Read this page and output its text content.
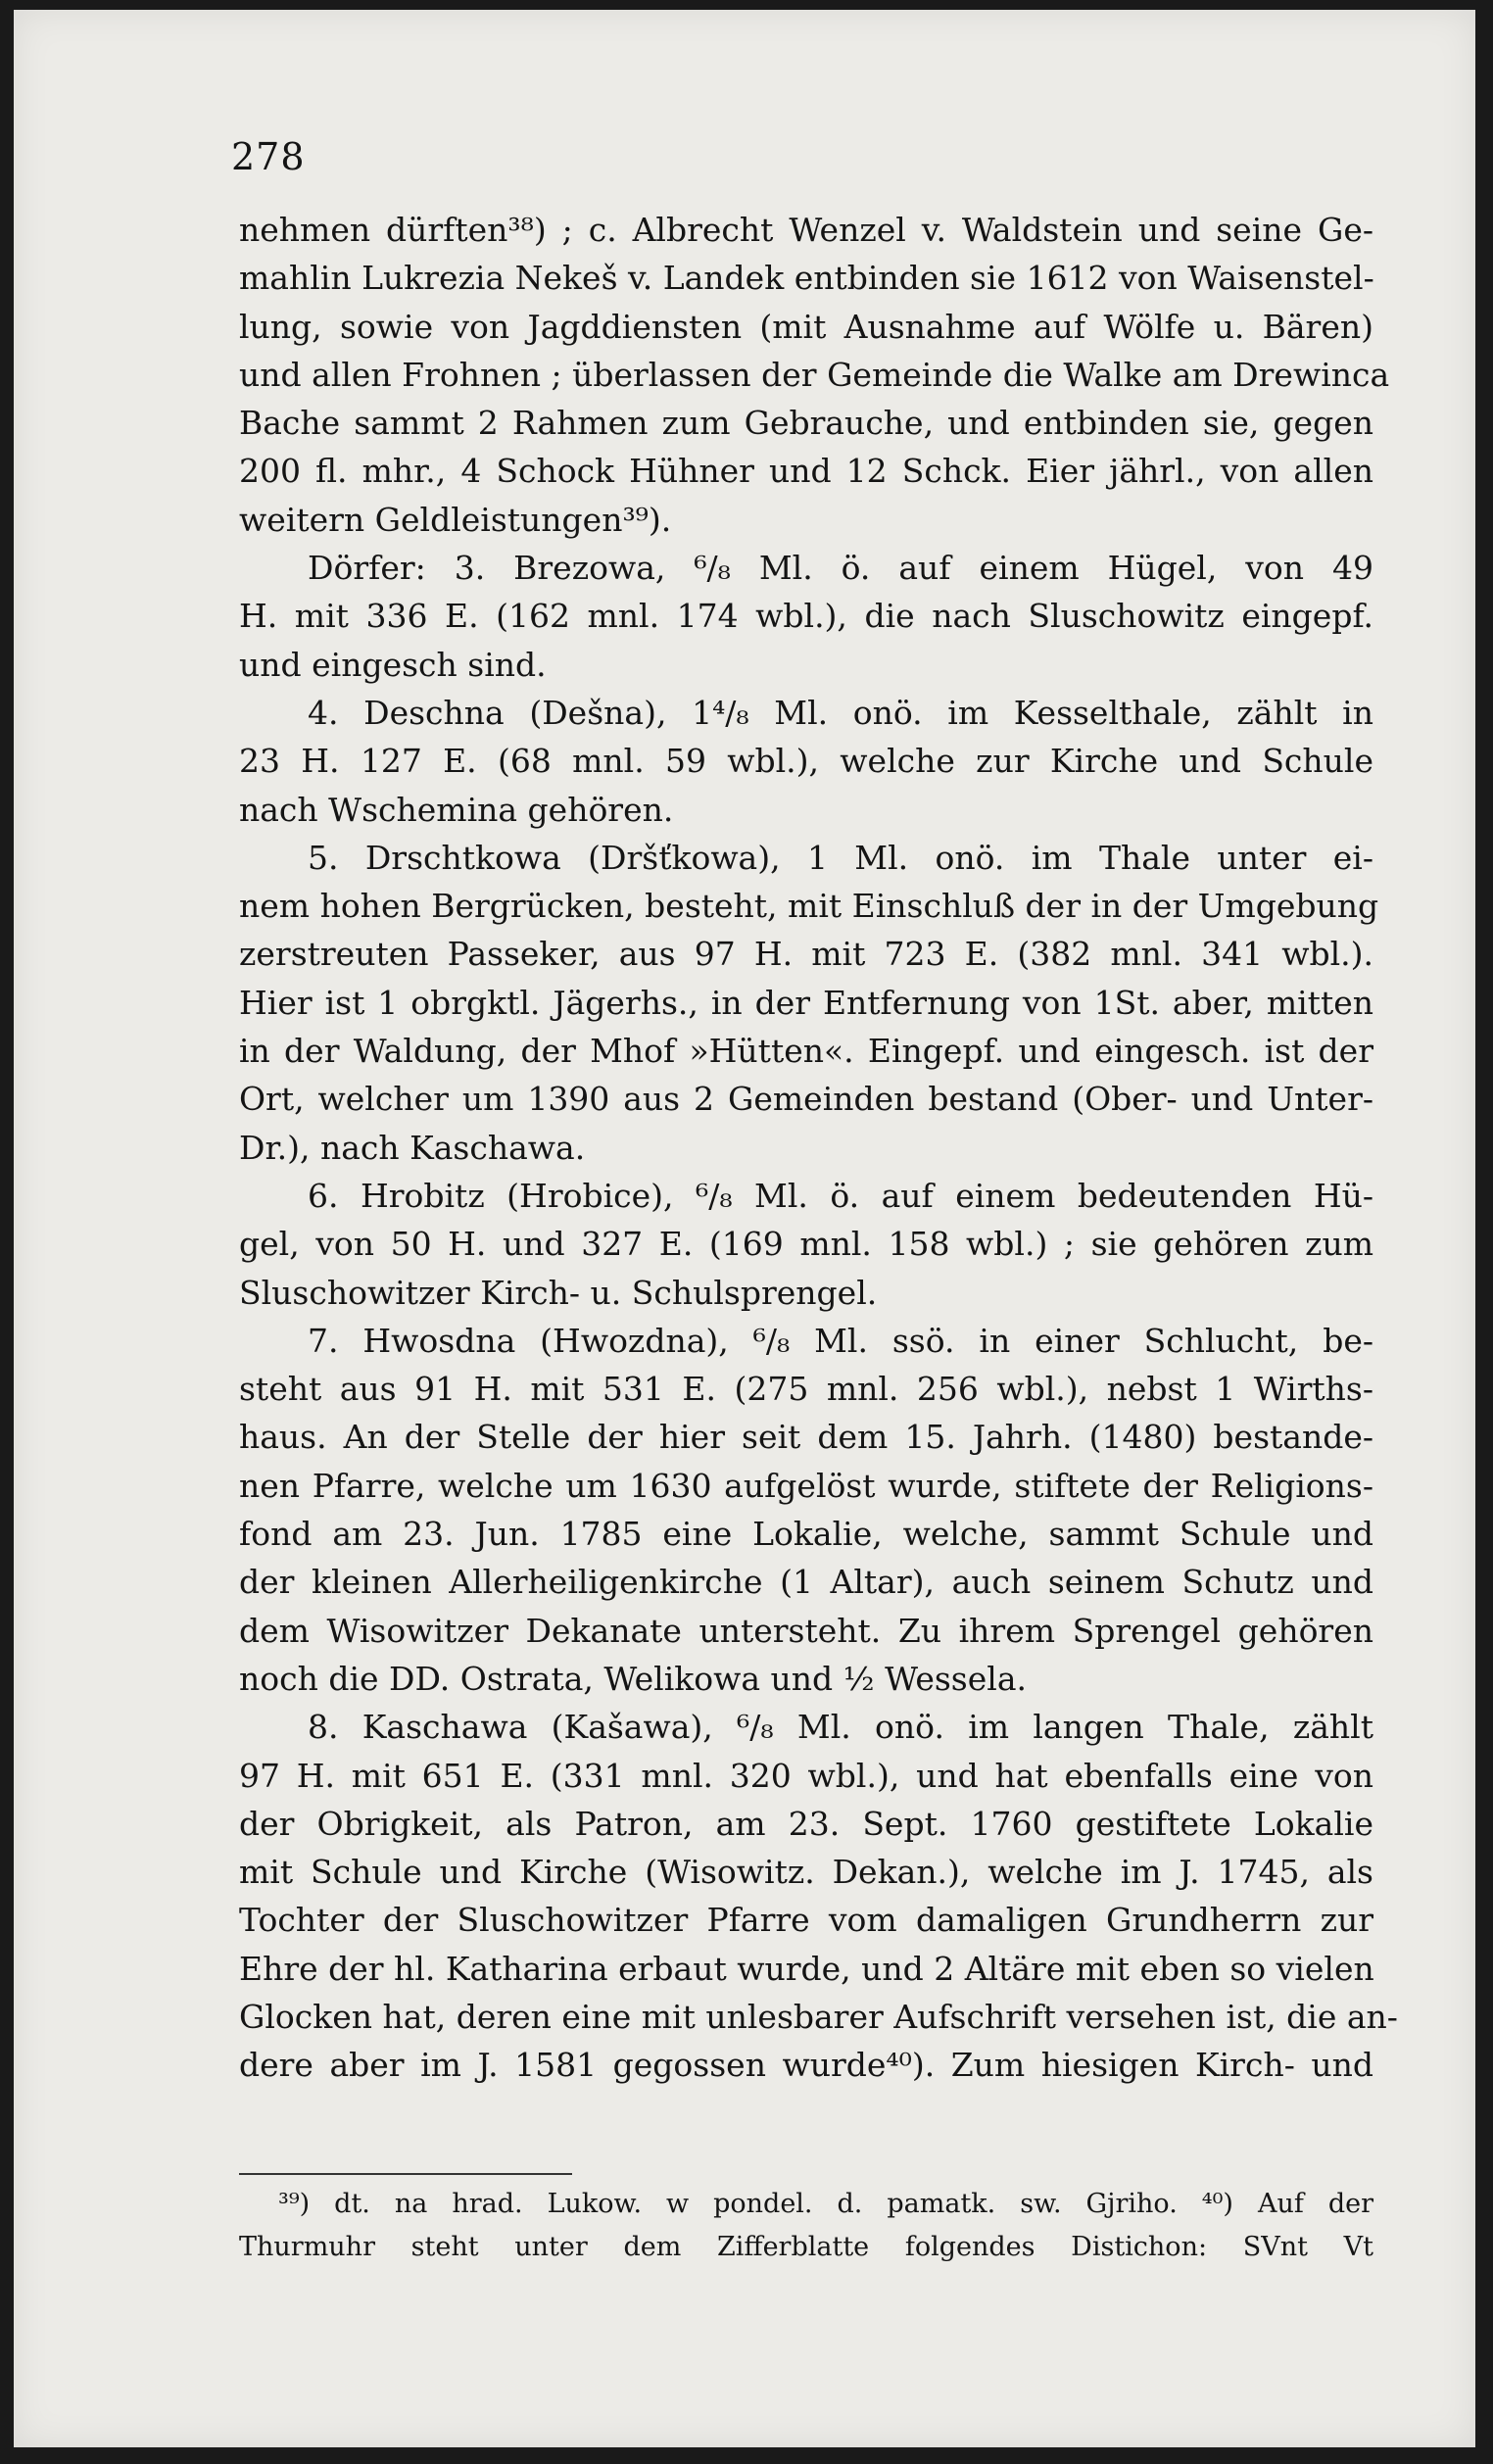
278
nehmen dürften³⁸) ; c. Albrecht Wenzel v. Waldstein und seine Ge-
mahlin Lukrezia Nekeš v. Landek entbinden sie 1612 von Waisenstel-
lung, sowie von Jagddiensten (mit Ausnahme auf Wölfe u. Bären)
und allen Frohnen ; überlassen der Gemeinde die Walke am Drewinca
Bache sammt 2 Rahmen zum Gebrauche, und entbinden sie, gegen
200 fl. mhr., 4 Schock Hühner und 12 Schck. Eier jährl., von allen
weitern Geldleistungen³⁹).
Dörfer: 3. Brezowa, ⁶/₈ Ml. ö. auf einem Hügel, von 49
H. mit 336 E. (162 mnl. 174 wbl.), die nach Sluschowitz eingepf.
und eingesch sind.
4. Deschna (Dešna), 1⁴/₈ Ml. onö. im Kesselthale, zählt in
23 H. 127 E. (68 mnl. 59 wbl.), welche zur Kirche und Schule
nach Wschemina gehören.
5. Drschtkowa (Dršťkowa), 1 Ml. onö. im Thale unter ei-
nem hohen Bergrücken, besteht, mit Einschluß der in der Umgebung
zerstreuten Passeker, aus 97 H. mit 723 E. (382 mnl. 341 wbl.).
Hier ist 1 obrgktl. Jägerhs., in der Entfernung von 1St. aber, mitten
in der Waldung, der Mhof »Hütten«. Eingepf. und eingesch. ist der
Ort, welcher um 1390 aus 2 Gemeinden bestand (Ober- und Unter-
Dr.), nach Kaschawa.
6. Hrobitz (Hrobice), ⁶/₈ Ml. ö. auf einem bedeutenden Hü-
gel, von 50 H. und 327 E. (169 mnl. 158 wbl.) ; sie gehören zum
Sluschowitzer Kirch- u. Schulsprengel.
7. Hwosdna (Hwozdna), ⁶/₈ Ml. ssö. in einer Schlucht, be-
steht aus 91 H. mit 531 E. (275 mnl. 256 wbl.), nebst 1 Wirths-
haus. An der Stelle der hier seit dem 15. Jahrh. (1480) bestande-
nen Pfarre, welche um 1630 aufgelöst wurde, stiftete der Religions-
fond am 23. Jun. 1785 eine Lokalie, welche, sammt Schule und
der kleinen Allerheiligenkirche (1 Altar), auch seinem Schutz und
dem Wisowitzer Dekanate untersteht. Zu ihrem Sprengel gehören
noch die DD. Ostrata, Welikowa und ½ Wessela.
8. Kaschawa (Kašawa), ⁶/₈ Ml. onö. im langen Thale, zählt
97 H. mit 651 E. (331 mnl. 320 wbl.), und hat ebenfalls eine von
der Obrigkeit, als Patron, am 23. Sept. 1760 gestiftete Lokalie
mit Schule und Kirche (Wisowitz. Dekan.), welche im J. 1745, als
Tochter der Sluschowitzer Pfarre vom damaligen Grundherrn zur
Ehre der hl. Katharina erbaut wurde, und 2 Altäre mit eben so vielen
Glocken hat, deren eine mit unlesbarer Aufschrift versehen ist, die an-
dere aber im J. 1581 gegossen wurde⁴⁰). Zum hiesigen Kirch- und
³⁹) dt. na hrad. Lukow. w pondel. d. pamatk. sw. Gjriho. ⁴⁰) Auf der
Thurmuhr steht unter dem Zifferblatte folgendes Distichon: SVnt Vt
